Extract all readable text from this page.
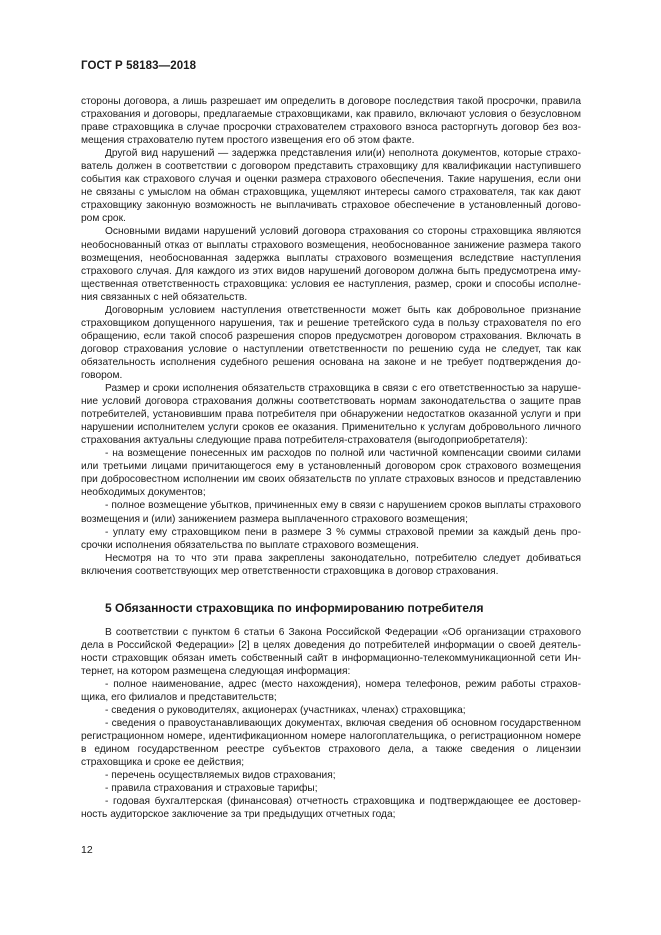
ГОСТ Р 58183—2018

стороны договора, а лишь разрешает им определить в договоре последствия такой просрочки, правила страхования и договоры, предлагаемые страховщиками, как правило, включают условия о безусловном праве страховщика в случае просрочки страхователем страхового взноса расторгнуть договор без возмещения страхователю путем простого извещения его об этом факте.

Другой вид нарушений — задержка представления или(и) неполнота документов, которые страхователь должен в соответствии с договором представить страховщику для квалификации наступившего события как страхового случая и оценки размера страхового обеспечения. Такие нарушения, если они не связаны с умыслом на обман страховщика, ущемляют интересы самого страхователя, так как дают страховщику законную возможность не выплачивать страховое обеспечение в установленный договором срок.

Основными видами нарушений условий договора страхования со стороны страховщика являются необоснованный отказ от выплаты страхового возмещения, необоснованное занижение размера такого возмещения, необоснованная задержка выплаты страхового возмещения вследствие наступления страхового случая. Для каждого из этих видов нарушений договором должна быть предусмотрена имущественная ответственность страховщика: условия ее наступления, размер, сроки и способы исполнения связанных с ней обязательств.

Договорным условием наступления ответственности может быть как добровольное признание страховщиком допущенного нарушения, так и решение третейского суда в пользу страхователя по его обращению, если такой способ разрешения споров предусмотрен договором страхования. Включать в договор страхования условие о наступлении ответственности по решению суда не следует, так как обязательность исполнения судебного решения основана на законе и не требует подтверждения договором.

Размер и сроки исполнения обязательств страховщика в связи с его ответственностью за нарушение условий договора страхования должны соответствовать нормам законодательства о защите прав потребителей, установившим права потребителя при обнаружении недостатков оказанной услуги и при нарушении исполнителем услуги сроков ее оказания. Применительно к услугам добровольного личного страхования актуальны следующие права потребителя-страхователя (выгодоприобретателя):

- на возмещение понесенных им расходов по полной или частичной компенсации своими силами или третьими лицами причитающегося ему в установленный договором срок страхового возмещения при добросовестном исполнении им своих обязательств по уплате страховых взносов и представлению необходимых документов;

- полное возмещение убытков, причиненных ему в связи с нарушением сроков выплаты страхового возмещения и (или) занижением размера выплаченного страхового возмещения;

- уплату ему страховщиком пени в размере 3 % суммы страховой премии за каждый день просрочки исполнения обязательства по выплате страхового возмещения.

Несмотря на то что эти права закреплены законодательно, потребителю следует добиваться включения соответствующих мер ответственности страховщика в договор страхования.

5 Обязанности страховщика по информированию потребителя

В соответствии с пунктом 6 статьи 6 Закона Российской Федерации «Об организации страхового дела в Российской Федерации» [2] в целях доведения до потребителей информации о своей деятельности страховщик обязан иметь собственный сайт в информационно-телекоммуникационной сети Интернет, на котором размещена следующая информация:

- полное наименование, адрес (место нахождения), номера телефонов, режим работы страховщика, его филиалов и представительств;

- сведения о руководителях, акционерах (участниках, членах) страховщика;

- сведения о правоустанавливающих документах, включая сведения об основном государственном регистрационном номере, идентификационном номере налогоплательщика, о регистрационном номере в едином государственном реестре субъектов страхового дела, а также сведения о лицензии страховщика и сроке ее действия;

- перечень осуществляемых видов страхования;

- правила страхования и страховые тарифы;

- годовая бухгалтерская (финансовая) отчетность страховщика и подтверждающее ее достоверность аудиторское заключение за три предыдущих отчетных года;

12
